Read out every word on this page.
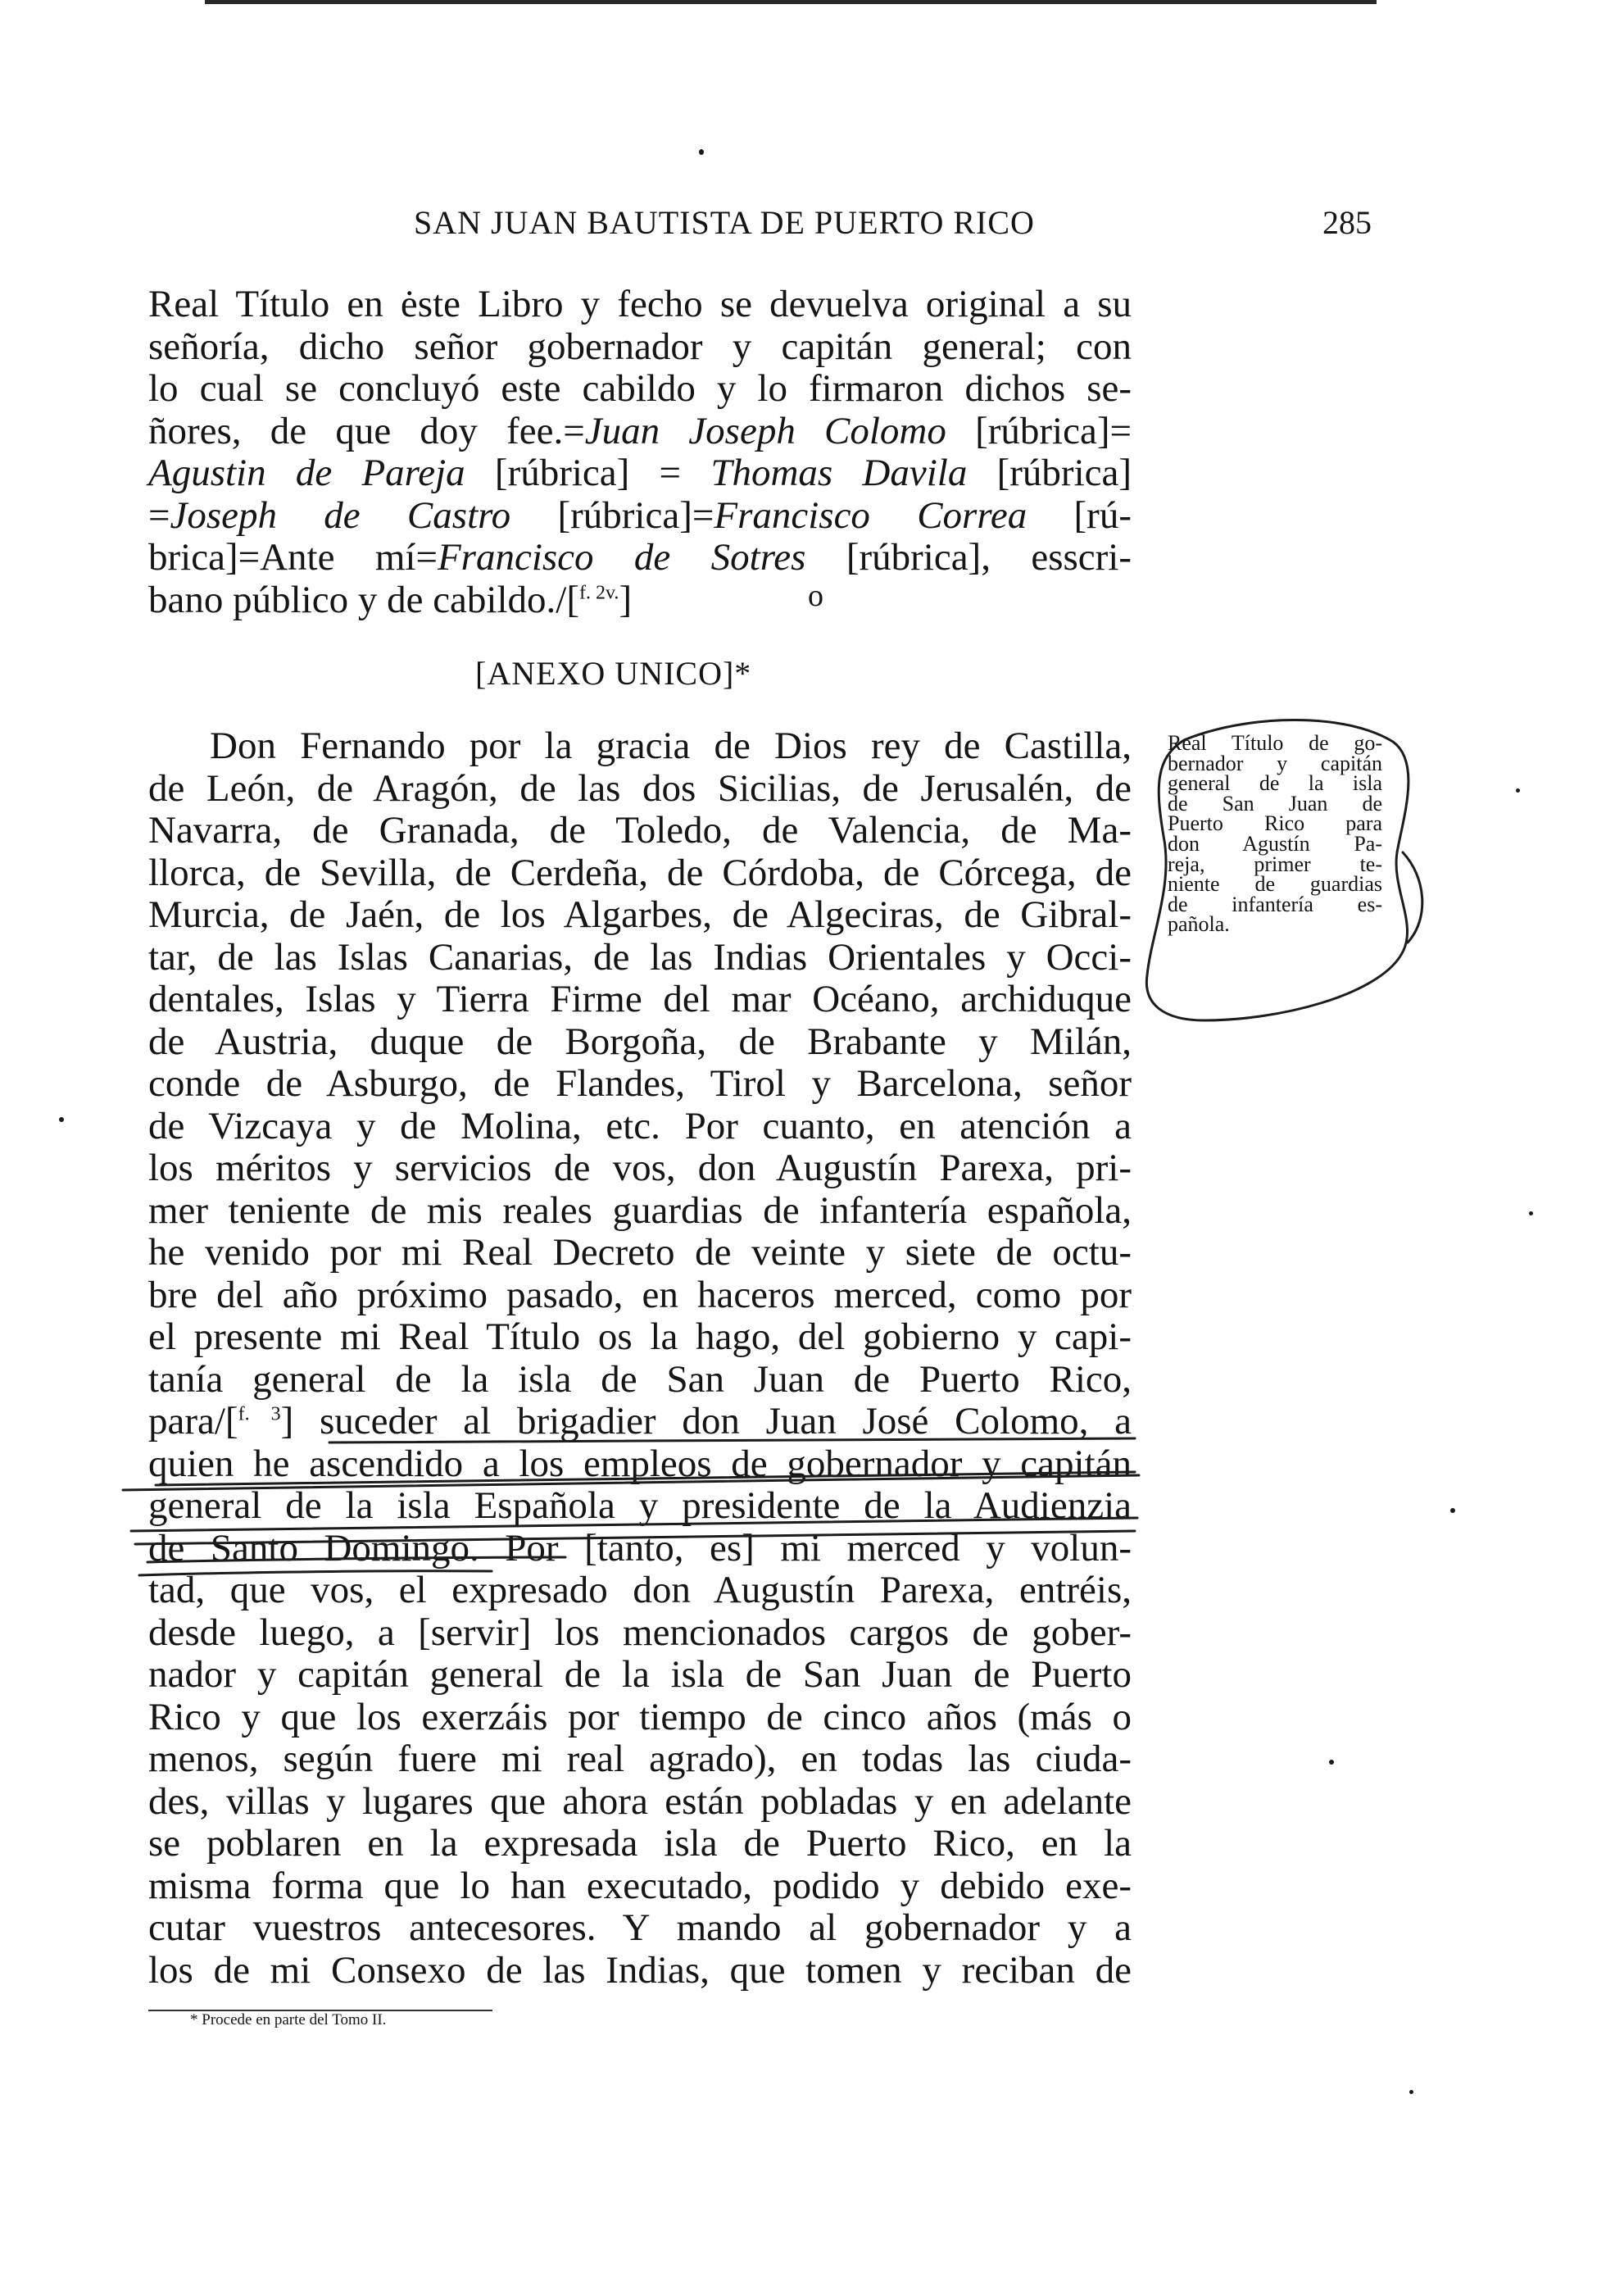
SAN JUAN BAUTISTA DE PUERTO RICO	285
Real Título en ėste Libro y fecho se devuelva original a su
señoría, dicho señor gobernador y capitán general; con
lo cual se concluyó este cabildo y lo firmaron dichos se-
ñores, de que doy fee.=Juan Joseph Colomo [rúbrica]=
Agustin de Pareja [rúbrica] = Thomas Davila [rúbrica]
=Joseph de Castro [rúbrica]=Francisco Correa [rú-
brica]=Ante mí=Francisco de Sotres [rúbrica], esscri-
bano público y de cabildo./[$^{f. 2v.}$]	o
[ANEXO UNICO]*
Don Fernando por la gracia de Dios rey de Castilla,
de León, de Aragón, de las dos Sicilias, de Jerusalén, de
Navarra, de Granada, de Toledo, de Valencia, de Ma-
llorca, de Sevilla, de Cerdeña, de Córdoba, de Córcega, de
Murcia, de Jaén, de los Algarbes, de Algeciras, de Gibral-
tar, de las Islas Canarias, de las Indias Orientales y Occi-
dentales, Islas y Tierra Firme del mar Océano, archiduque
de Austria, duque de Borgoña, de Brabante y Milán,
conde de Asburgo, de Flandes, Tirol y Barcelona, señor
de Vizcaya y de Molina, etc. Por cuanto, en atención a
los méritos y servicios de vos, don Augustín Parexa, pri-
mer teniente de mis reales guardias de infantería española,
he venido por mi Real Decreto de veinte y siete de octu-
bre del año próximo pasado, en haceros merced, como por
el presente mi Real Título os la hago, del gobierno y capi-
tanía general de la isla de San Juan de Puerto Rico,
para/[$^{f. 3}$] suceder al brigadier don Juan José Colomo, a
quien he ascendido a los empleos de gobernador y capitán
general de la isla Española y presidente de la Audienzia
de Santo Domingo. Por [tanto, es] mi merced y volun-
tad, que vos, el expresado don Augustín Parexa, entréis,
desde luego, a [servir] los mencionados cargos de gober-
nador y capitán general de la isla de San Juan de Puerto
Rico y que los exerzáis por tiempo de cinco años (más o
menos, según fuere mi real agrado), en todas las ciuda-
des, villas y lugares que ahora están pobladas y en adelante
se poblaren en la expresada isla de Puerto Rico, en la
misma forma que lo han executado, podido y debido exe-
cutar vuestros antecesores. Y mando al gobernador y a
los de mi Consexo de las Indias, que tomen y reciban de
Real Título de go-
bernador y capitán
general de la isla
de San Juan de
Puerto Rico para
don Agustín Pa-
reja, primer te-
niente de guardias
de infantería es-
pañola.
* Procede en parte del Tomo II.
